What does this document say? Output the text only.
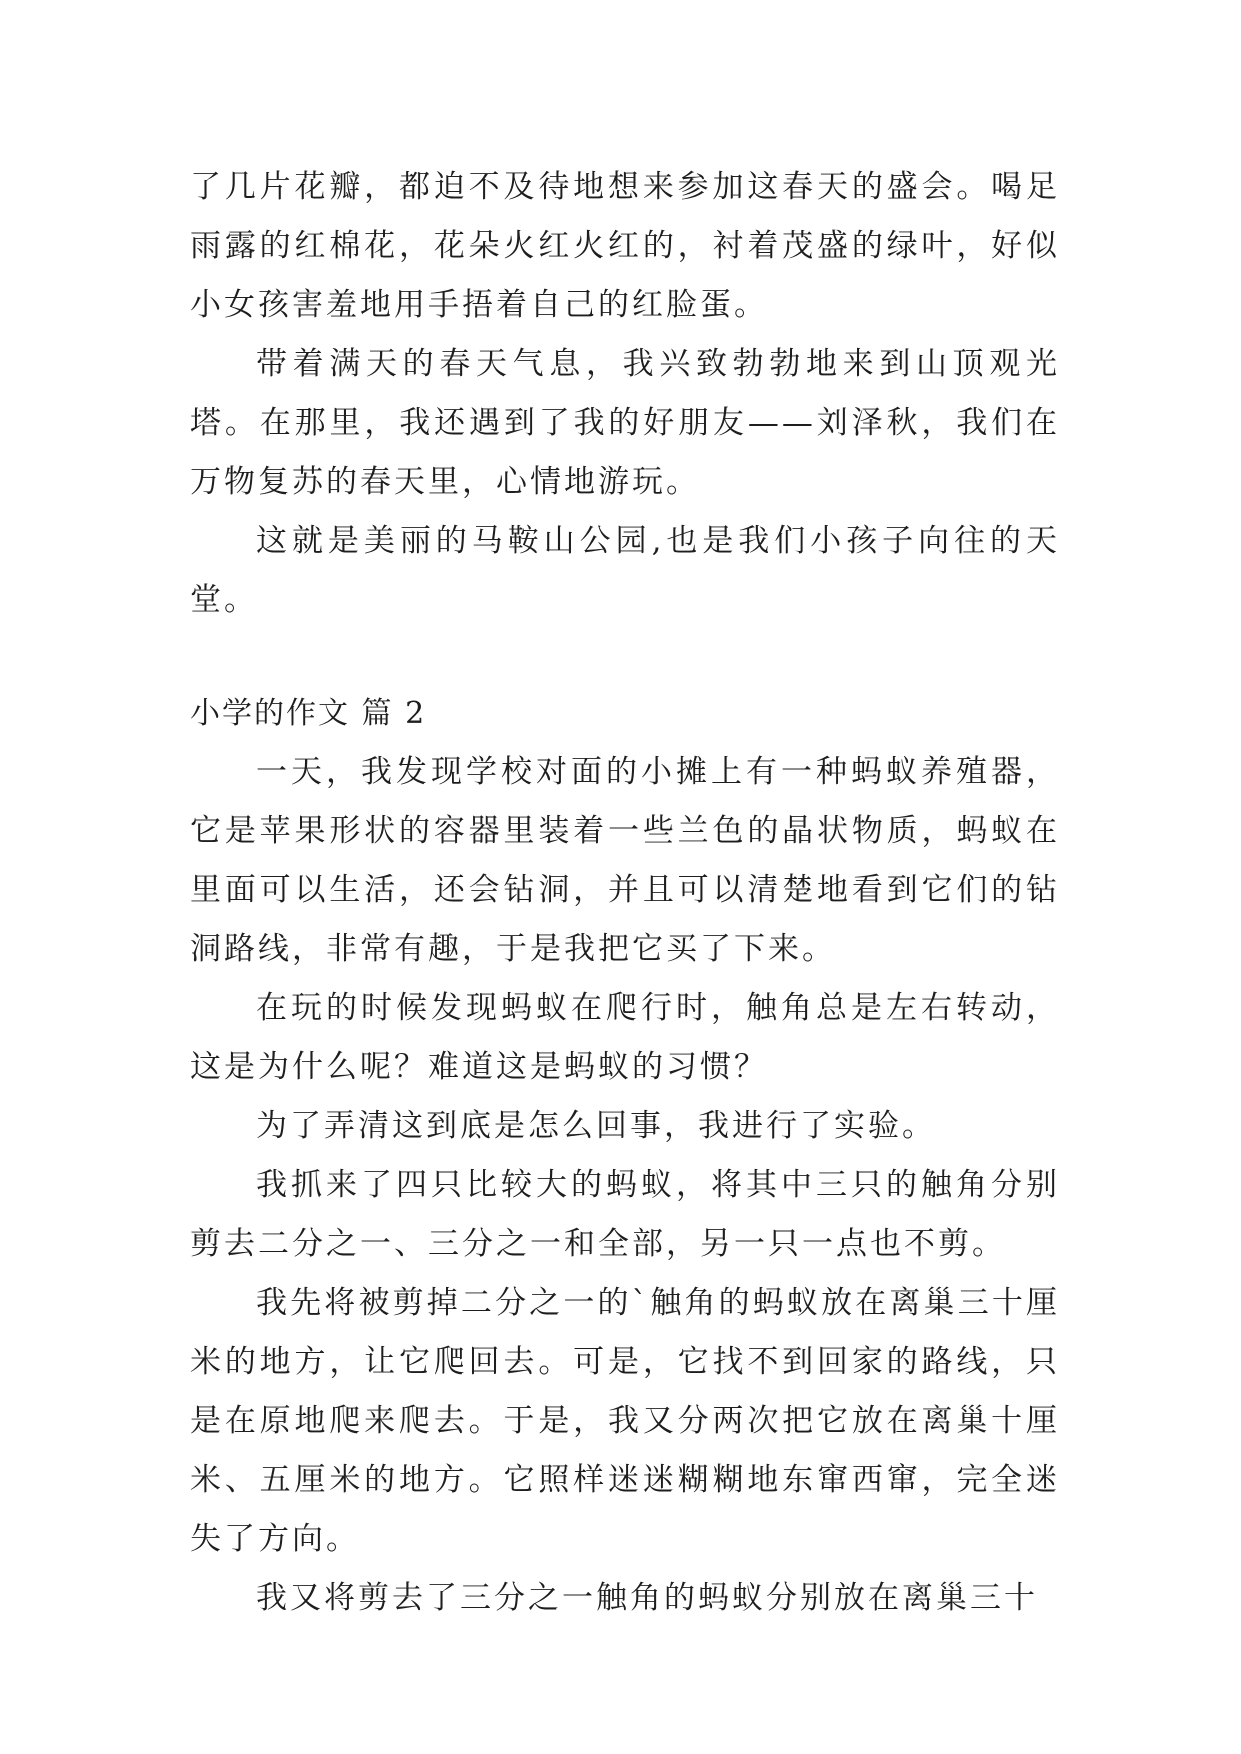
了几片花瓣，都迫不及待地想来参加这春天的盛会。喝足雨露的红棉花，花朵火红火红的，衬着茂盛的绿叶，好似小女孩害羞地用手捂着自己的红脸蛋。

带着满天的春天气息，我兴致勃勃地来到山顶观光塔。在那里，我还遇到了我的好朋友——刘泽秋，我们在万物复苏的春天里，心情地游玩。

这就是美丽的马鞍山公园,也是我们小孩子向往的天堂。

小学的作文 篇 2

一天，我发现学校对面的小摊上有一种蚂蚁养殖器，它是苹果形状的容器里装着一些兰色的晶状物质，蚂蚁在里面可以生活，还会钻洞，并且可以清楚地看到它们的钻洞路线，非常有趣，于是我把它买了下来。

在玩的时候发现蚂蚁在爬行时，触角总是左右转动，这是为什么呢？难道这是蚂蚁的习惯？

为了弄清这到底是怎么回事，我进行了实验。

我抓来了四只比较大的蚂蚁，将其中三只的触角分别剪去二分之一、三分之一和全部，另一只一点也不剪。

我先将被剪掉二分之一的`触角的蚂蚁放在离巢三十厘米的地方，让它爬回去。可是，它找不到回家的路线，只是在原地爬来爬去。于是，我又分两次把它放在离巢十厘米、五厘米的地方。它照样迷迷糊糊地东窜西窜，完全迷失了方向。

我又将剪去了三分之一触角的蚂蚁分别放在离巢三十
